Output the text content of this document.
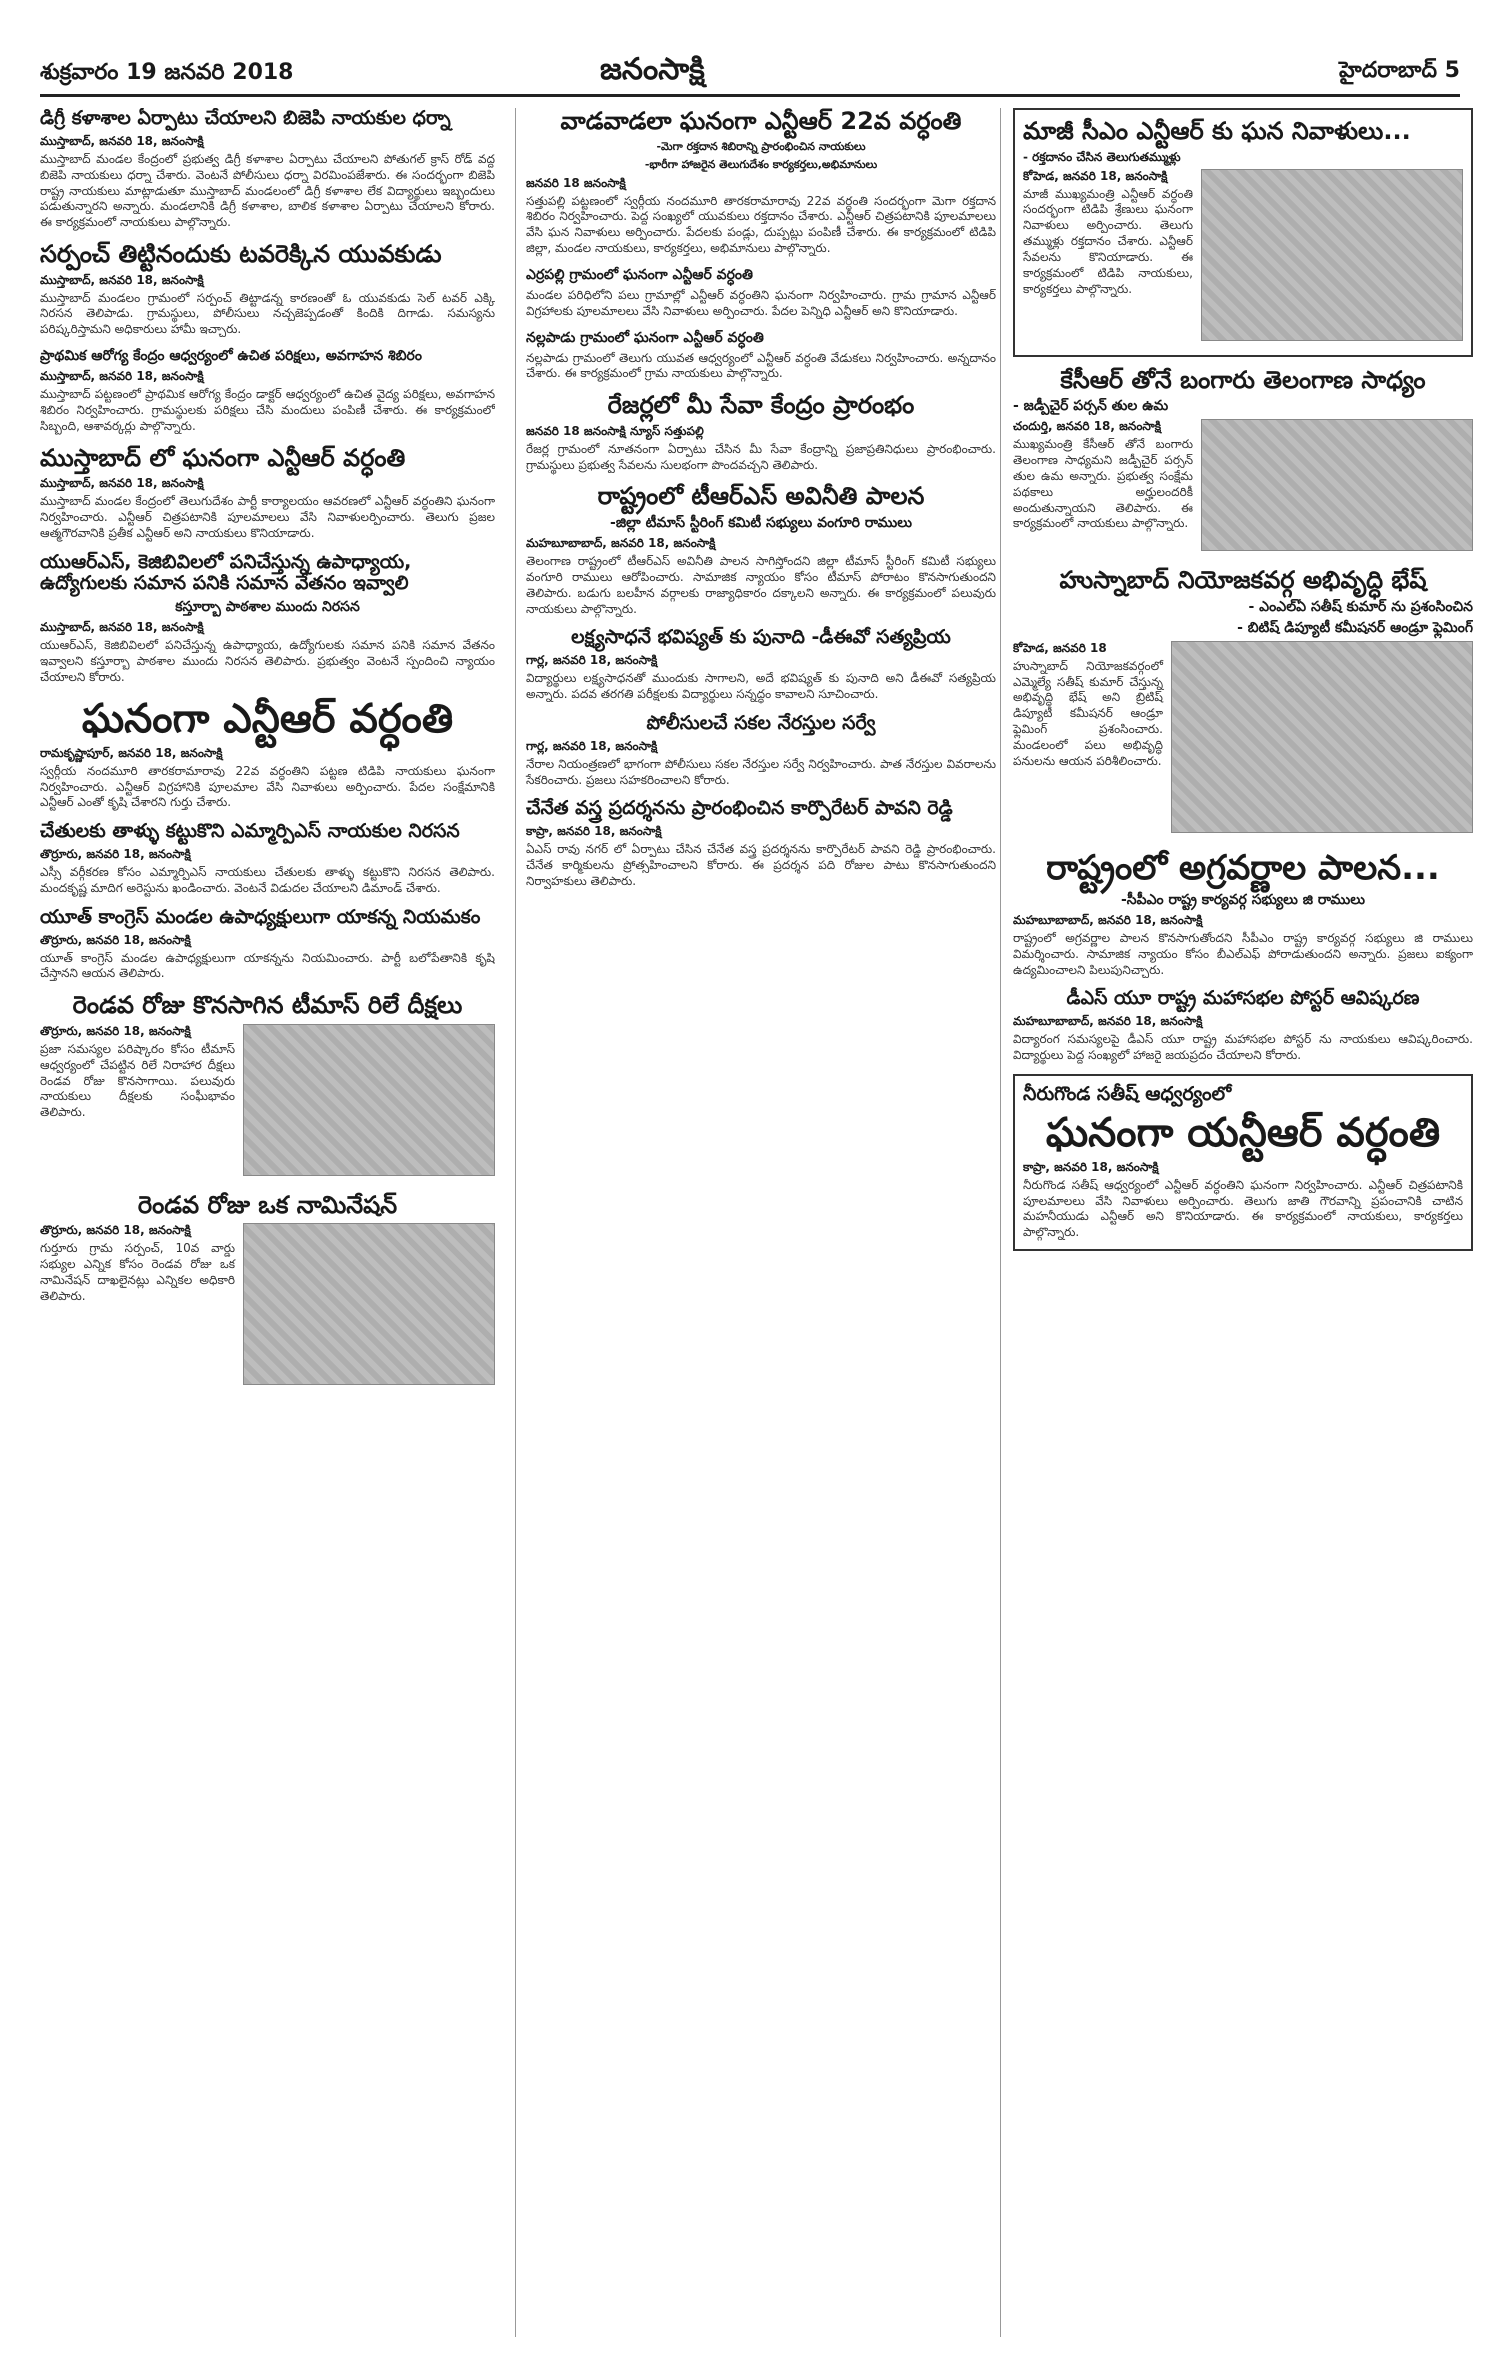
శుక్రవారం 19 జనవరి 2018	జనంసాక్షి	హైదరాబాద్ 5
డిగ్రీ కళాశాల ఏర్పాటు చేయాలని బిజెపి నాయకుల ధర్నా
ముస్తాబాద్, జనవరి 18, జనంసాక్షి

ముస్తాబాద్ మండల కేంద్రంలో ప్రభుత్వ డిగ్రీ కళాశాల ఏర్పాటు చేయాలని పోతుగల్ క్రాస్ రోడ్ వద్ద బిజెపి నాయకులు ధర్నా చేశారు. వెంటనే పోలీసులు ధర్నా విరమింపజేశారు. ఈ సందర్భంగా బిజెపి రాష్ట్ర నాయకులు మాట్లాడుతూ ముస్తాబాద్ మండలంలో డిగ్రీ కళాశాల లేక విద్యార్థులు ఇబ్బందులు పడుతున్నారని అన్నారు. మండలానికి డిగ్రీ కళాశాల, బాలిక కళాశాల ఏర్పాటు చేయాలని కోరారు. ఈ కార్యక్రమంలో నాయకులు పాల్గొన్నారు.

సర్పంచ్ తిట్టినందుకు టవరెక్కిన యువకుడు
ముస్తాబాద్, జనవరి 18, జనంసాక్షి

ముస్తాబాద్ మండలం గ్రామంలో సర్పంచ్ తిట్టాడన్న కారణంతో ఓ యువకుడు సెల్ టవర్ ఎక్కి నిరసన తెలిపాడు. గ్రామస్థులు, పోలీసులు నచ్చజెప్పడంతో కిందికి దిగాడు. సమస్యను పరిష్కరిస్తామని అధికారులు హామీ ఇచ్చారు.

ప్రాథమిక ఆరోగ్య కేంద్రం ఆధ్వర్యంలో ఉచిత పరిక్షలు, అవగాహన శిబిరం
ముస్తాబాద్, జనవరి 18, జనంసాక్షి

ముస్తాబాద్ పట్టణంలో ప్రాథమిక ఆరోగ్య కేంద్రం డాక్టర్ ఆధ్వర్యంలో ఉచిత వైద్య పరిక్షలు, అవగాహన శిబిరం నిర్వహించారు. గ్రామస్థులకు పరిక్షలు చేసి మందులు పంపిణీ చేశారు. ఈ కార్యక్రమంలో సిబ్బంది, ఆశావర్కర్లు పాల్గొన్నారు.

ముస్తాబాద్ లో ఘనంగా ఎన్టీఆర్ వర్ధంతి
ముస్తాబాద్, జనవరి 18, జనంసాక్షి

ముస్తాబాద్ మండల కేంద్రంలో తెలుగుదేశం పార్టీ కార్యాలయం ఆవరణలో ఎన్టీఆర్ వర్ధంతిని ఘనంగా నిర్వహించారు. ఎన్టీఆర్ చిత్రపటానికి పూలమాలలు వేసి నివాళులర్పించారు. తెలుగు ప్రజల ఆత్మగౌరవానికి ప్రతీక ఎన్టీఆర్ అని నాయకులు కొనియాడారు.

యుఆర్ఎస్, కెజిబివిలలో పనిచేస్తున్న ఉపాధ్యాయ, ఉద్యోగులకు సమాన పనికి సమాన వేతనం ఇవ్వాలి
కస్తూర్బా పాఠశాల ముందు నిరసన
ముస్తాబాద్, జనవరి 18, జనంసాక్షి

యుఆర్ఎస్, కెజిబివిలలో పనిచేస్తున్న ఉపాధ్యాయ, ఉద్యోగులకు సమాన పనికి సమాన వేతనం ఇవ్వాలని కస్తూర్బా పాఠశాల ముందు నిరసన తెలిపారు. ప్రభుత్వం వెంటనే స్పందించి న్యాయం చేయాలని కోరారు.

ఘనంగా ఎన్టీఆర్ వర్ధంతి
రామకృష్ణాపూర్, జనవరి 18, జనంసాక్షి

స్వర్గీయ నందమూరి తారకరామారావు 22వ వర్ధంతిని పట్టణ టిడిపి నాయకులు ఘనంగా నిర్వహించారు. ఎన్టీఆర్ విగ్రహానికి పూలమాల వేసి నివాళులు అర్పించారు. పేదల సంక్షేమానికి ఎన్టీఆర్ ఎంతో కృషి చేశారని గుర్తు చేశారు.

చేతులకు తాళ్ళు కట్టుకొని ఎమ్మార్పిఎస్ నాయకుల నిరసన
తొర్రూరు, జనవరి 18, జనంసాక్షి

ఎస్సీ వర్గీకరణ కోసం ఎమ్మార్పిఎస్ నాయకులు చేతులకు తాళ్ళు కట్టుకొని నిరసన తెలిపారు. మందకృష్ణ మాదిగ అరెస్టును ఖండించారు. వెంటనే విడుదల చేయాలని డిమాండ్ చేశారు.

యూత్ కాంగ్రెస్ మండల ఉపాధ్యక్షులుగా యాకన్న నియమకం
తొర్రూరు, జనవరి 18, జనంసాక్షి

యూత్ కాంగ్రెస్ మండల ఉపాధ్యక్షులుగా యాకన్నను నియమించారు. పార్టీ బలోపేతానికి కృషి చేస్తానని ఆయన తెలిపారు.

రెండవ రోజు కొనసాగిన టీమాస్ రిలే దీక్షలు
తొర్రూరు, జనవరి 18, జనంసాక్షి

ప్రజా సమస్యల పరిష్కారం కోసం టీమాస్ ఆధ్వర్యంలో చేపట్టిన రిలే నిరాహార దీక్షలు రెండవ రోజు కొనసాగాయి. పలువురు నాయకులు దీక్షలకు సంఘీభావం తెలిపారు.

రెండవ రోజు ఒక నామినేషన్
తొర్రూరు, జనవరి 18, జనంసాక్షి

గుర్తూరు గ్రామ సర్పంచ్, 10వ వార్డు సభ్యుల ఎన్నిక కోసం రెండవ రోజు ఒక నామినేషన్ దాఖలైనట్లు ఎన్నికల అధికారి తెలిపారు.

వాడవాడలా ఘనంగా ఎన్టీఆర్ 22వ వర్ధంతి
-మెగా రక్తదాన శిబిరాన్ని ప్రారంభించిన నాయకులు
-భారీగా హాజరైన తెలుగుదేశం కార్యకర్తలు,అభిమానులు
జనవరి 18 జనంసాక్షి

సత్తుపల్లి పట్టణంలో స్వర్గీయ నందమూరి తారకరామారావు 22వ వర్ధంతి సందర్భంగా మెగా రక్తదాన శిబిరం నిర్వహించారు. పెద్ద సంఖ్యలో యువకులు రక్తదానం చేశారు. ఎన్టీఆర్ చిత్రపటానికి పూలమాలలు వేసి ఘన నివాళులు అర్పించారు. పేదలకు పండ్లు, దుప్పట్లు పంపిణీ చేశారు. ఈ కార్యక్రమంలో టిడిపి జిల్లా, మండల నాయకులు, కార్యకర్తలు, అభిమానులు పాల్గొన్నారు.

ఎర్రపల్లి గ్రామంలో ఘనంగా ఎన్టీఆర్ వర్ధంతి

మండల పరిధిలోని పలు గ్రామాల్లో ఎన్టీఆర్ వర్ధంతిని ఘనంగా నిర్వహించారు. గ్రామ గ్రామాన ఎన్టీఆర్ విగ్రహాలకు పూలమాలలు వేసి నివాళులు అర్పించారు. పేదల పెన్నిధి ఎన్టీఆర్ అని కొనియాడారు.

నల్లపాడు గ్రామంలో ఘనంగా ఎన్టీఆర్ వర్ధంతి

నల్లపాడు గ్రామంలో తెలుగు యువత ఆధ్వర్యంలో ఎన్టీఆర్ వర్ధంతి వేడుకలు నిర్వహించారు. అన్నదానం చేశారు. ఈ కార్యక్రమంలో గ్రామ నాయకులు పాల్గొన్నారు.

రేజర్లలో మీ సేవా కేంద్రం ప్రారంభం
జనవరి 18 జనంసాక్షి న్యూస్ సత్తుపల్లి

రేజర్ల గ్రామంలో నూతనంగా ఏర్పాటు చేసిన మీ సేవా కేంద్రాన్ని ప్రజాప్రతినిధులు ప్రారంభించారు. గ్రామస్థులు ప్రభుత్వ సేవలను సులభంగా పొందవచ్చని తెలిపారు.

రాష్ట్రంలో టీఆర్ఎస్ అవినీతి పాలన
-జిల్లా టీమాస్ స్టీరింగ్ కమిటీ సభ్యులు వంగూరి రాములు
మహబూబాబాద్, జనవరి 18, జనంసాక్షి

తెలంగాణ రాష్ట్రంలో టీఆర్ఎస్ అవినీతి పాలన సాగిస్తోందని జిల్లా టీమాస్ స్టీరింగ్ కమిటీ సభ్యులు వంగూరి రాములు ఆరోపించారు. సామాజిక న్యాయం కోసం టీమాస్ పోరాటం కొనసాగుతుందని తెలిపారు. బడుగు బలహీన వర్గాలకు రాజ్యాధికారం దక్కాలని అన్నారు. ఈ కార్యక్రమంలో పలువురు నాయకులు పాల్గొన్నారు.

లక్ష్యసాధనే భవిష్యత్ కు పునాది -డీఈవో సత్యప్రియ
గార్ల, జనవరి 18, జనంసాక్షి

విద్యార్థులు లక్ష్యసాధనతో ముందుకు సాగాలని, అదే భవిష్యత్ కు పునాది అని డీఈవో సత్యప్రియ అన్నారు. పదవ తరగతి పరీక్షలకు విద్యార్థులు సన్నద్ధం కావాలని సూచించారు.

పోలీసులచే సకల నేరస్తుల సర్వే
గార్ల, జనవరి 18, జనంసాక్షి

నేరాల నియంత్రణలో భాగంగా పోలీసులు సకల నేరస్తుల సర్వే నిర్వహించారు. పాత నేరస్తుల వివరాలను సేకరించారు. ప్రజలు సహకరించాలని కోరారు.

చేనేత వస్త్ర ప్రదర్శనను ప్రారంభించిన కార్పొరేటర్ పావని రెడ్డి
కాప్రా, జనవరి 18, జనంసాక్షి

ఏఎస్ రావు నగర్ లో ఏర్పాటు చేసిన చేనేత వస్త్ర ప్రదర్శనను కార్పొరేటర్ పావని రెడ్డి ప్రారంభించారు. చేనేత కార్మికులను ప్రోత్సహించాలని కోరారు. ఈ ప్రదర్శన పది రోజుల పాటు కొనసాగుతుందని నిర్వాహకులు తెలిపారు.

మాజీ సీఎం ఎన్టీఆర్ కు ఘన నివాళులు...
- రక్తదానం చేసిన తెలుగుతమ్ముళ్లు
కోహెడ, జనవరి 18, జనంసాక్షి

మాజీ ముఖ్యమంత్రి ఎన్టీఆర్ వర్ధంతి సందర్భంగా టిడిపి శ్రేణులు ఘనంగా నివాళులు అర్పించారు. తెలుగు తమ్ముళ్లు రక్తదానం చేశారు. ఎన్టీఆర్ సేవలను కొనియాడారు. ఈ కార్యక్రమంలో టిడిపి నాయకులు, కార్యకర్తలు పాల్గొన్నారు.

కేసీఆర్ తోనే బంగారు తెలంగాణ సాధ్యం
- జడ్పీచైర్ పర్సన్ తుల ఉమ
చందుర్తి, జనవరి 18, జనంసాక్షి

ముఖ్యమంత్రి కేసీఆర్ తోనే బంగారు తెలంగాణ సాధ్యమని జడ్పీచైర్ పర్సన్ తుల ఉమ అన్నారు. ప్రభుత్వ సంక్షేమ పథకాలు అర్హులందరికీ అందుతున్నాయని తెలిపారు. ఈ కార్యక్రమంలో నాయకులు పాల్గొన్నారు.

హుస్నాబాద్ నియోజకవర్గ అభివృద్ధి భేష్
- ఎంఎల్ఏ సతీష్ కుమార్ ను ప్రశంసించిన
- బిటిష్ డిప్యూటీ కమీషనర్ ఆండ్రూ ఫ్లెమింగ్
కోహెడ, జనవరి 18

హుస్నాబాద్ నియోజకవర్గంలో ఎమ్మెల్యే సతీష్ కుమార్ చేస్తున్న అభివృద్ధి భేష్ అని బ్రిటిష్ డిప్యూటీ కమీషనర్ ఆండ్రూ ఫ్లెమింగ్ ప్రశంసించారు. మండలంలో పలు అభివృద్ధి పనులను ఆయన పరిశీలించారు.

రాష్ట్రంలో అగ్రవర్ణాల పాలన...
-సీపీఎం రాష్ట్ర కార్యవర్గ సభ్యులు జి రాములు
మహబూబాబాద్, జనవరి 18, జనంసాక్షి

రాష్ట్రంలో అగ్రవర్ణాల పాలన కొనసాగుతోందని సీపీఎం రాష్ట్ర కార్యవర్గ సభ్యులు జి రాములు విమర్శించారు. సామాజిక న్యాయం కోసం బీఎల్ఎఫ్ పోరాడుతుందని అన్నారు. ప్రజలు ఐక్యంగా ఉద్యమించాలని పిలుపునిచ్చారు.

డీఎస్ యూ రాష్ట్ర మహాసభల పోస్టర్ ఆవిష్కరణ
మహబూబాబాద్, జనవరి 18, జనంసాక్షి

విద్యారంగ సమస్యలపై డీఎస్ యూ రాష్ట్ర మహాసభల పోస్టర్ ను నాయకులు ఆవిష్కరించారు. విద్యార్థులు పెద్ద సంఖ్యలో హాజరై జయప్రదం చేయాలని కోరారు.

నీరుగొండ సతీష్ ఆధ్వర్యంలో
ఘనంగా యన్టీఆర్ వర్ధంతి
కాప్రా, జనవరి 18, జనంసాక్షి

నీరుగొండ సతీష్ ఆధ్వర్యంలో ఎన్టీఆర్ వర్ధంతిని ఘనంగా నిర్వహించారు. ఎన్టీఆర్ చిత్రపటానికి పూలమాలలు వేసి నివాళులు అర్పించారు. తెలుగు జాతి గౌరవాన్ని ప్రపంచానికి చాటిన మహనీయుడు ఎన్టీఆర్ అని కొనియాడారు. ఈ కార్యక్రమంలో నాయకులు, కార్యకర్తలు పాల్గొన్నారు.
